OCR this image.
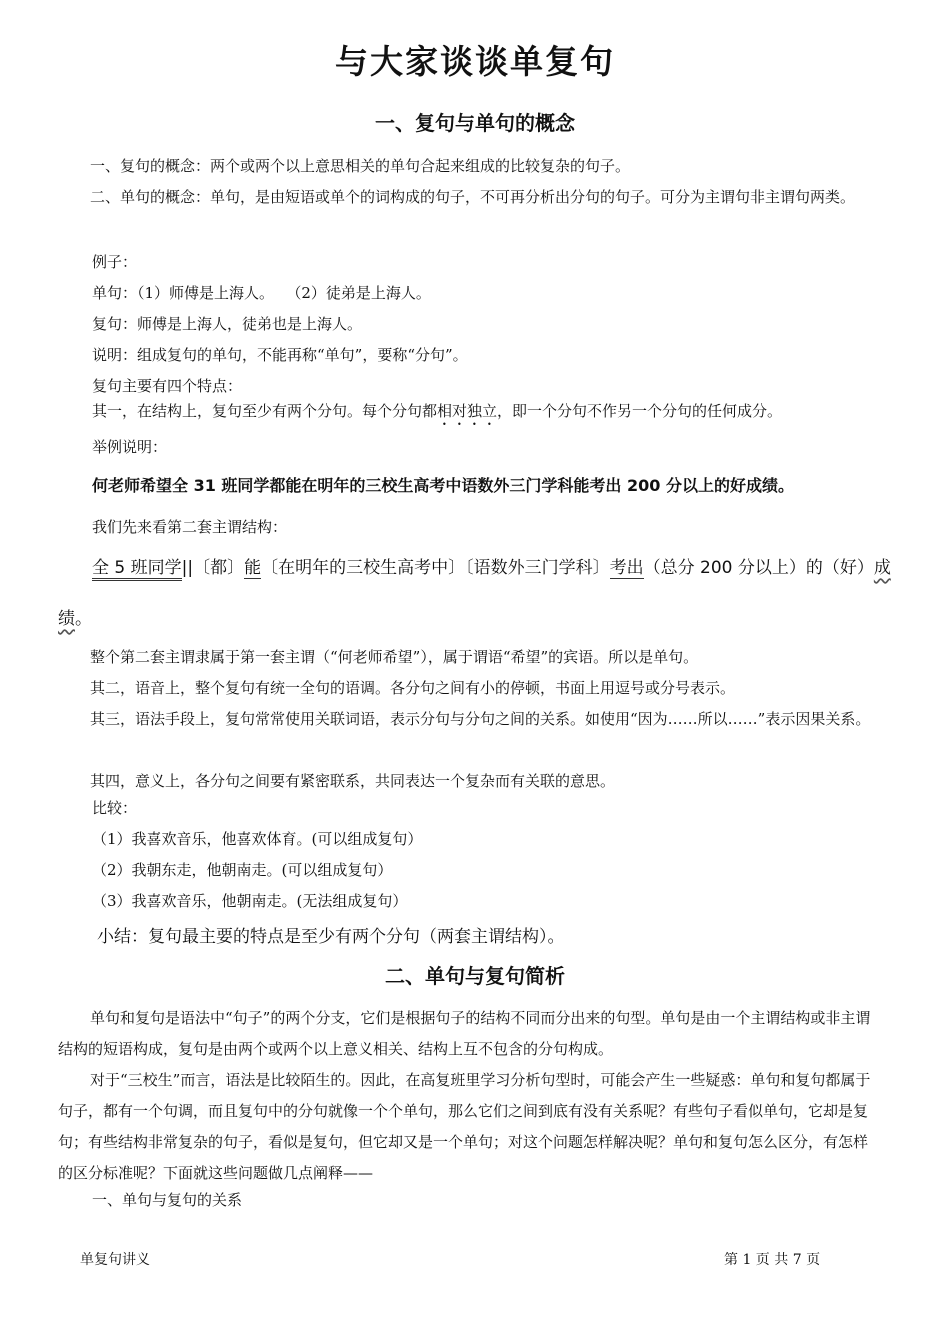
与大家谈谈单复句
一、复句与单句的概念
一、复句的概念：两个或两个以上意思相关的单句合起来组成的比较复杂的句子。
二、单句的概念：单句，是由短语或单个的词构成的句子，不可再分析出分句的句子。可分为主谓句非主谓句两类。
例子：
单句：（1）师傅是上海人。　 （2）徒弟是上海人。
复句：师傅是上海人，徒弟也是上海人。
说明：组成复句的单句，不能再称“单句”，要称“分句”。
复句主要有四个特点：
其一，在结构上，复句至少有两个分句。每个分句都相对独立，即一个分句不作另一个分句的任何成分。
举例说明：
何老师希望全 31 班同学都能在明年的三校生高考中语数外三门学科能考出 200 分以上的好成绩。
我们先来看第二套主谓结构：
全 5 班同学||〔都〕能〔在明年的三校生高考中〕〔语数外三门学科〕考出（总分 200 分以上）的（好）成
绩。
整个第二套主谓隶属于第一套主谓（“何老师希望”），属于谓语“希望”的宾语。所以是单句。
其二，语音上，整个复句有统一全句的语调。各分句之间有小的停顿，书面上用逗号或分号表示。
其三，语法手段上，复句常常使用关联词语，表示分句与分句之间的关系。如使用“因为……所以……”表示因果关系。
其四，意义上，各分句之间要有紧密联系，共同表达一个复杂而有关联的意思。
比较：
（1）我喜欢音乐，他喜欢体育。(可以组成复句）
（2）我朝东走，他朝南走。(可以组成复句）
（3）我喜欢音乐，他朝南走。(无法组成复句）
小结：复句最主要的特点是至少有两个分句（两套主谓结构）。
二、单句与复句简析
单句和复句是语法中“句子”的两个分支，它们是根据句子的结构不同而分出来的句型。单句是由一个主谓结构或非主谓结构的短语构成，复句是由两个或两个以上意义相关、结构上互不包含的分句构成。
对于“三校生”而言，语法是比较陌生的。因此，在高复班里学习分析句型时，可能会产生一些疑惑：单句和复句都属于句子，都有一个句调，而且复句中的分句就像一个个单句，那么它们之间到底有没有关系呢？有些句子看似单句，它却是复句；有些结构非常复杂的句子，看似是复句，但它却又是一个单句；对这个问题怎样解决呢？单句和复句怎么区分，有怎样的区分标准呢？下面就这些问题做几点阐释——
一、单句与复句的关系
单复句讲义	第 1 页 共 7 页
